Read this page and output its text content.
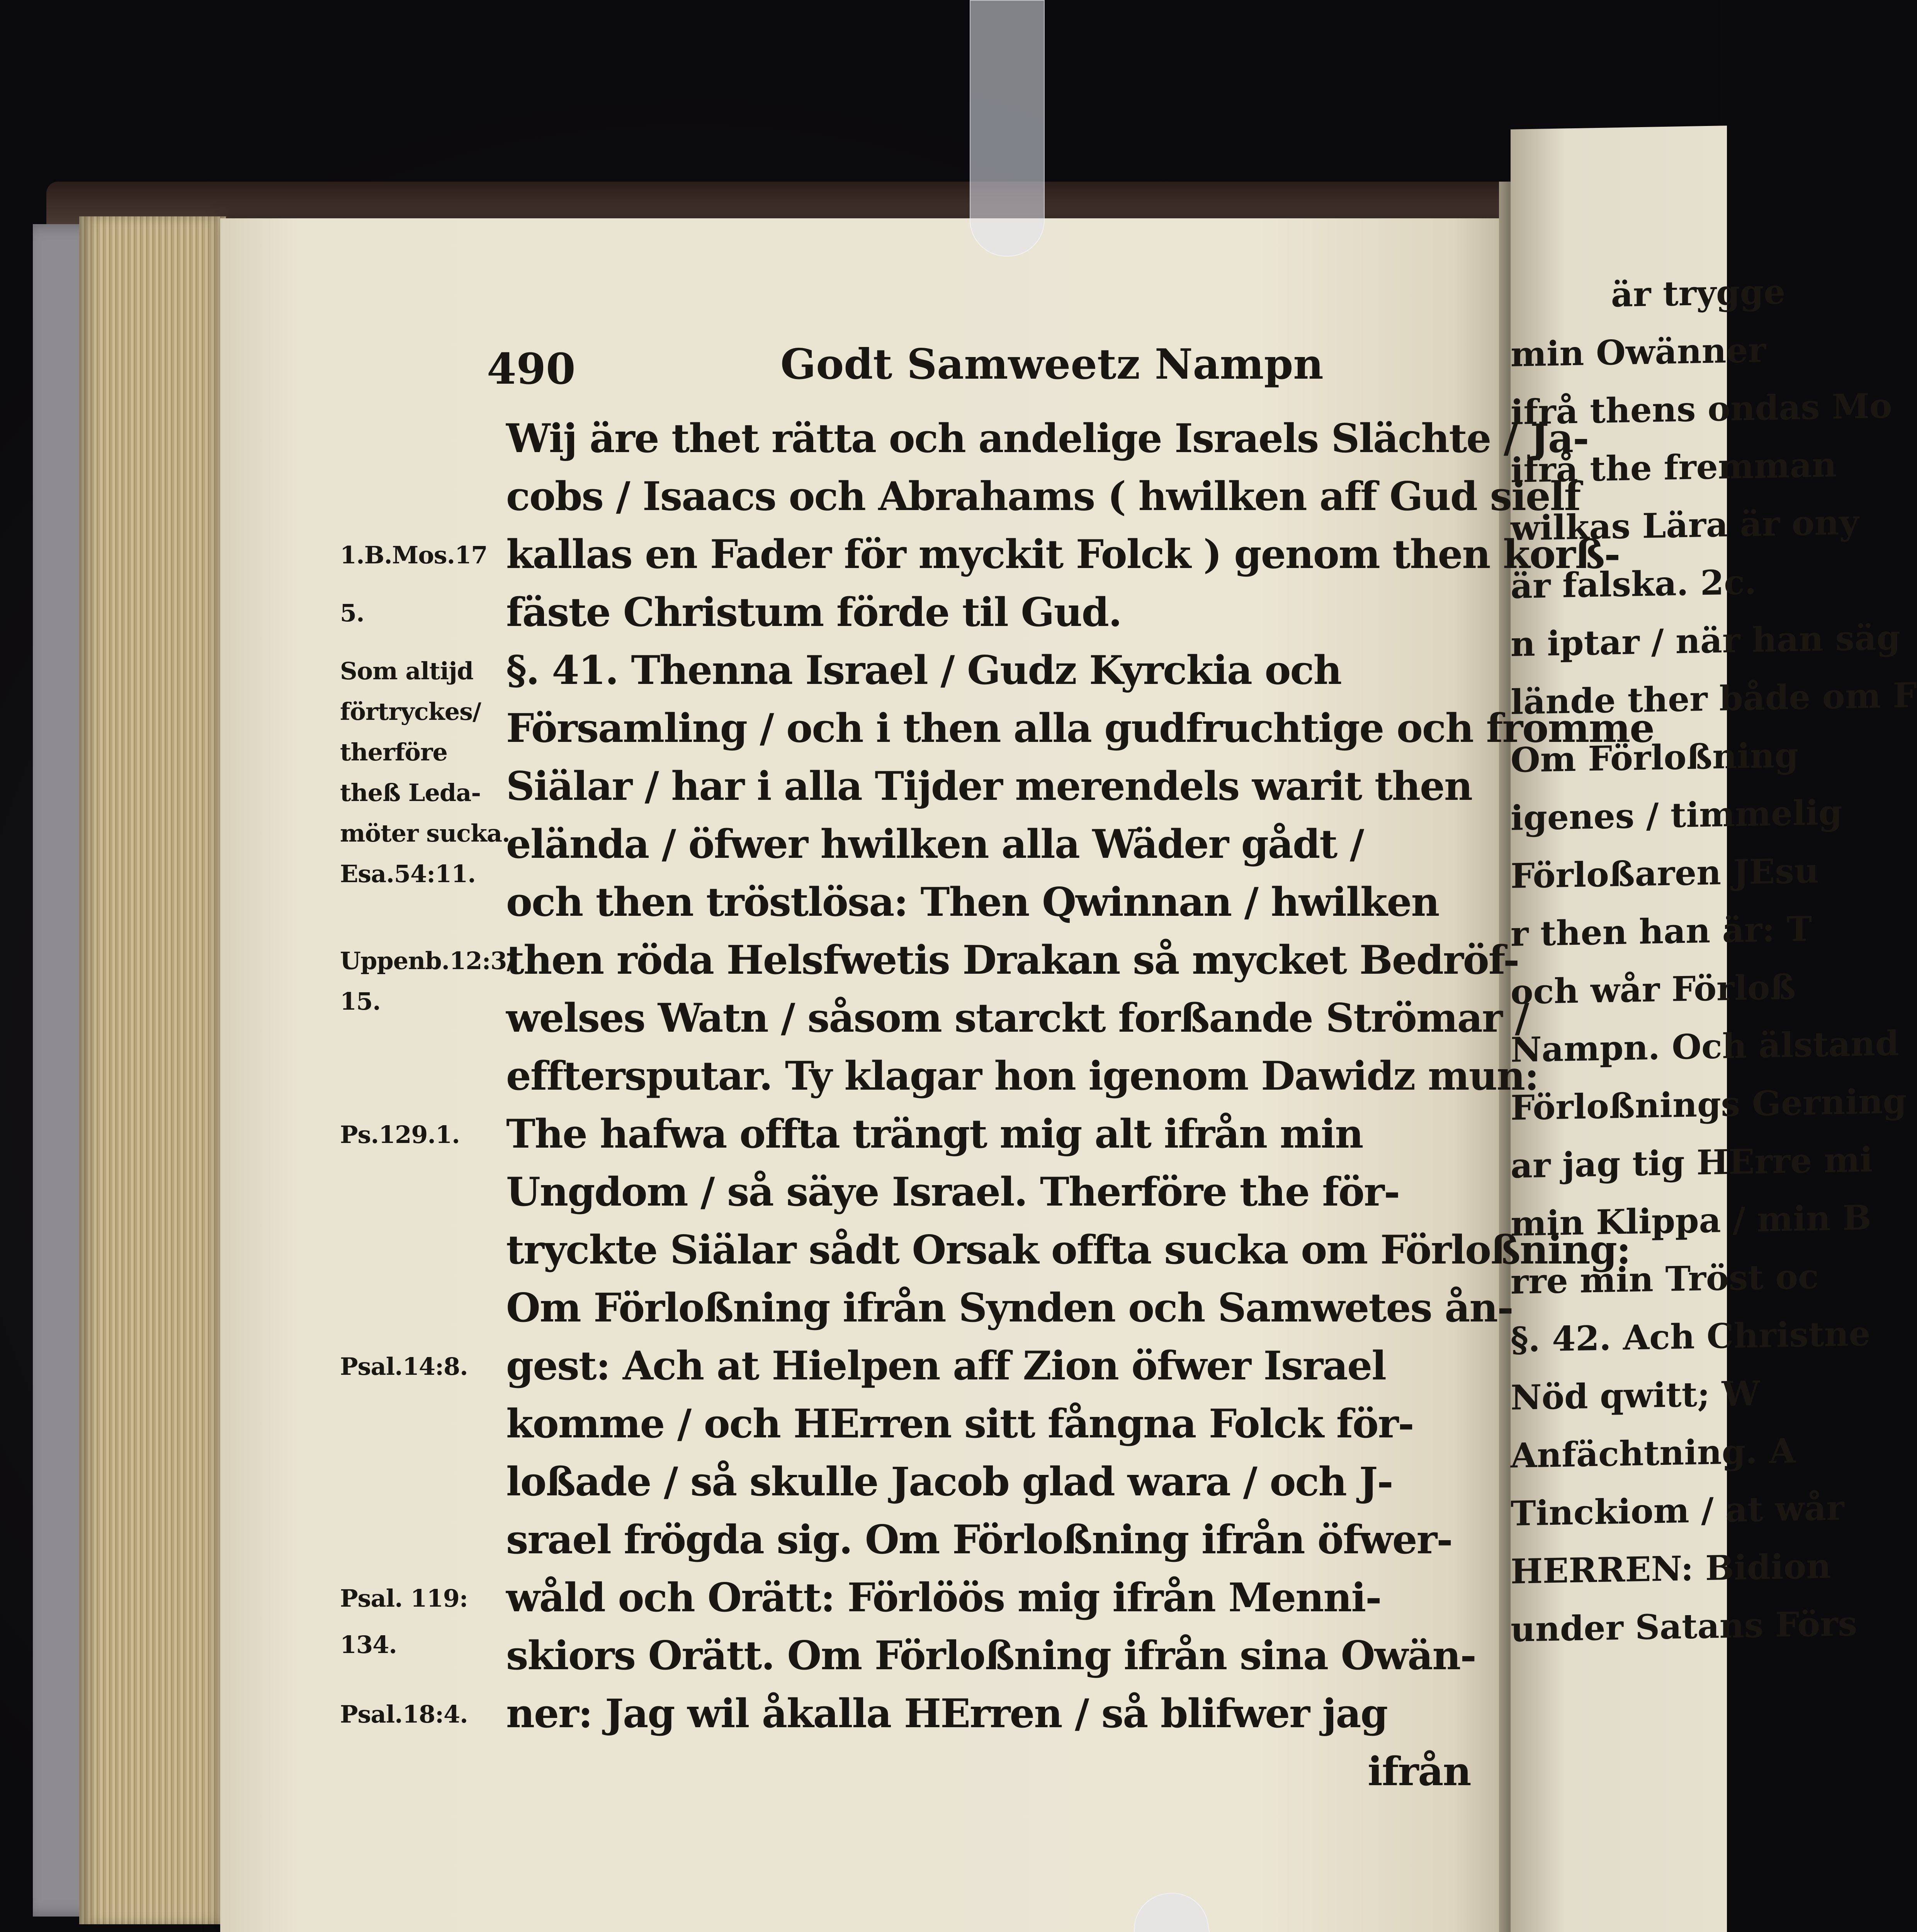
är trygge
min Owänner
ifrå thens ondas Mo
ifrå the fremman
wilkas Lära är ony
är falska. 2c.
n iptar / när han säg
lände ther både om F
Om Förloßning
igenes / timmelig
Förloßaren JEsu
r then han är: T
och wår Förloß
Nampn. Och älstand
Förloßnings Gerning
ar jag tig HErre mi
min Klippa / min B
rre min Tröst oc
§. 42. Ach Christne
Nöd qwitt; W
Anfächtning. A
Tinckiom / at wår
HERREN: Bidion
under Satans Förs
490	Godt Samweetz Nampn
Wij äre thet rätta och andelige Israels Slächte / Ja-
cobs / Isaacs och Abrahams ( hwilken aff Gud sielf
kallas en Fader för myckit Folck ) genom then korß-
fäste Christum förde til Gud.
§. 41. Thenna Israel / Gudz Kyrckia och
Församling / och i then alla gudfruchtige och fromme
Siälar / har i alla Tijder merendels warit then
elända / öfwer hwilken alla Wäder gådt /
och then tröstlösa: Then Qwinnan / hwilken
then röda Helsfwetis Drakan så mycket Bedröf-
welses Watn / såsom starckt forßande Strömar /
efftersputar. Ty klagar hon igenom Dawidz mun:
The hafwa offta trängt mig alt ifrån min
Ungdom / så säye Israel. Therföre the för-
tryckte Siälar sådt Orsak offta sucka om Förloßning:
Om Förloßning ifrån Synden och Samwetes ån-
gest: Ach at Hielpen aff Zion öfwer Israel
komme / och HErren sitt fångna Folck för-
loßade / så skulle Jacob glad wara / och J-
srael frögda sig. Om Förloßning ifrån öfwer-
wåld och Orätt: Förlöös mig ifrån Menni-
skiors Orätt. Om Förloßning ifrån sina Owän-
ner: Jag wil åkalla HErren / så blifwer jag
ifrån
1.B.Mos.17
5.
Som altijd
förtryckes/
therföre
theß Leda-
möter sucka.
Esa.54:11.
Uppenb.12:3/
15.
Ps.129.1.
Psal.14:8.
Psal. 119:
134.
Psal.18:4.
